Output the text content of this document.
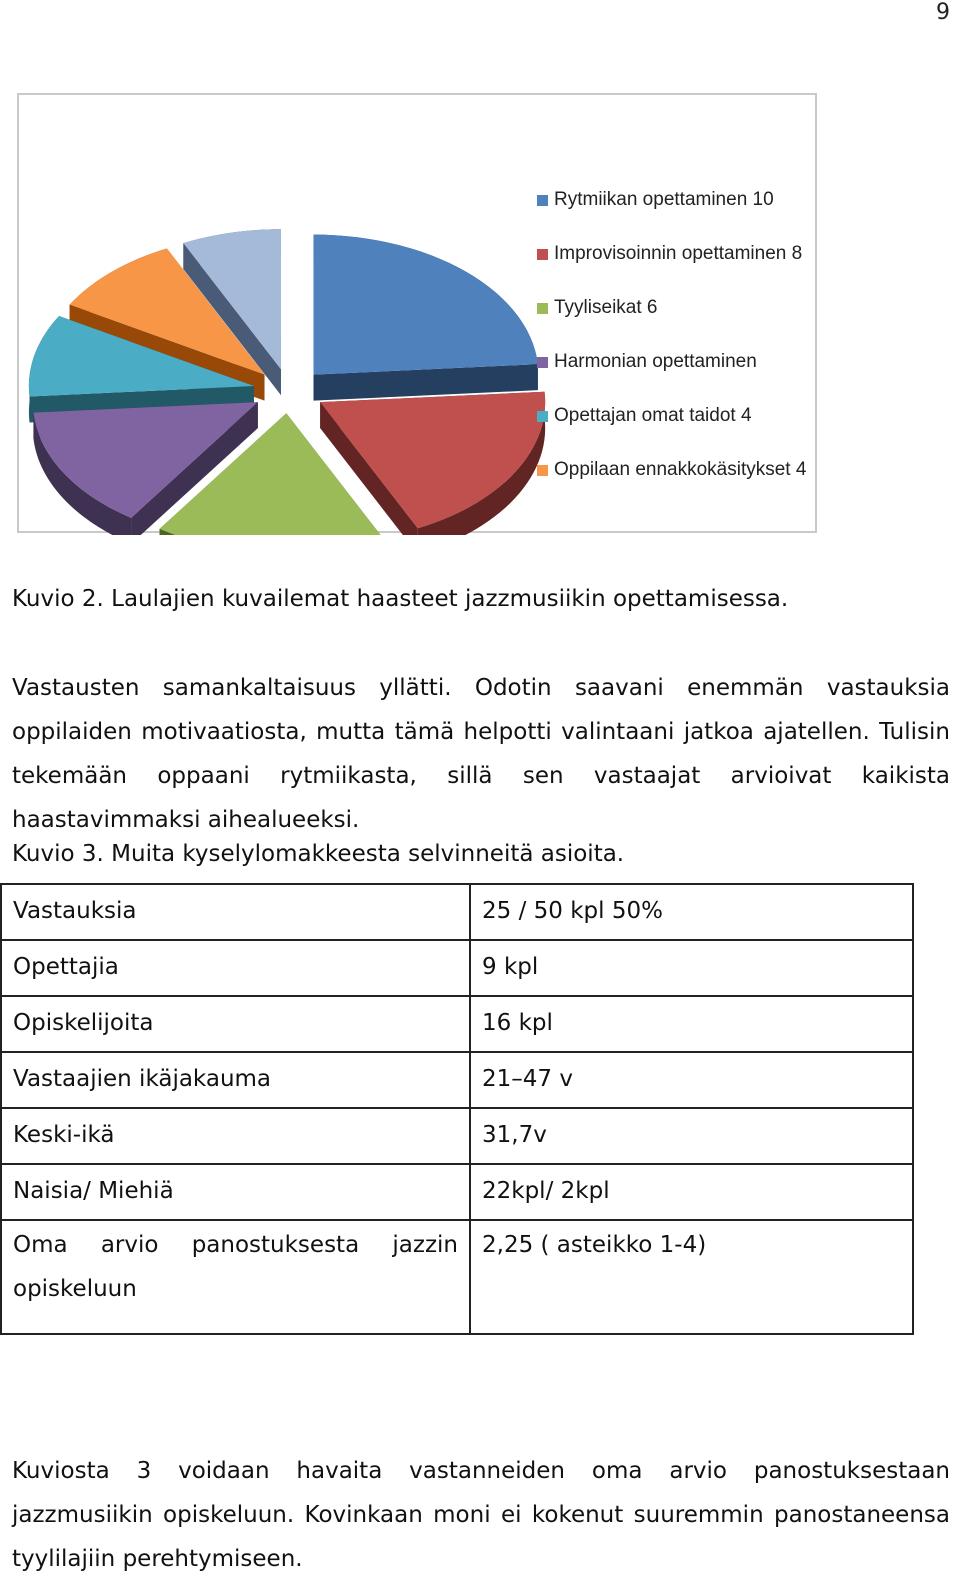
9
Rytmiikan opettaminen 10
Improvisoinnin opettaminen 8
Tyyliseikat 6
Harmonian opettaminen
Opettajan omat taidot 4
Oppilaan ennakkokäsitykset 4
Kuvio 2. Laulajien kuvailemat haasteet jazzmusiikin opettamisessa.
Vastausten samankaltaisuus yllätti. Odotin saavani enemmän vastauksia oppilaiden motivaatiosta, mutta tämä helpotti valintaani jatkoa ajatellen. Tulisin tekemään oppaani rytmiikasta, sillä sen vastaajat arvioivat kaikista haastavimmaksi aihealueeksi.
Kuvio 3. Muita kyselylomakkeesta selvinneitä asioita.
Vastauksia	25 / 50 kpl 50%
Opettajia	9 kpl
Opiskelijoita	16 kpl
Vastaajien ikäjakauma	21–47 v
Keski-ikä	31,7v
Naisia/ Miehiä	22kpl/ 2kpl
Oma arvio panostuksesta jazzin opiskeluun	2,25 ( asteikko 1-4)
Kuviosta 3 voidaan havaita vastanneiden oma arvio panostuksestaan jazzmusiikin opiskeluun. Kovinkaan moni ei kokenut suuremmin panostaneensa tyylilajiin perehtymiseen.
